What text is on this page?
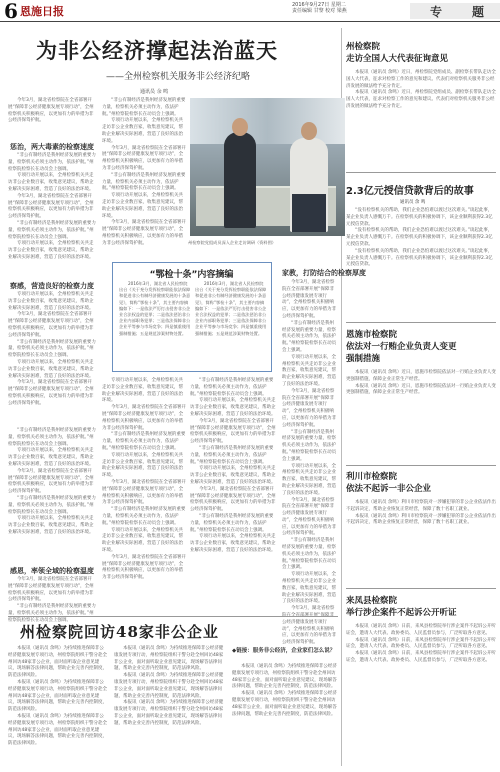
6 恩施日报	2016年9月27日 星期二
责任编辑 甘黎 校对 梁燕	专 题
为非公经济撑起法治蓝天
——全州检察机关服务非公经济纪略
通讯员 余 鸣

今年3月，湖北省检察院在全省部署开展“保障非公经济健康发展专项行动”，全州检察机关积极响应，以更加有力的举措为非公经济保驾护航。

惩治，两大毒素的检察速度

“非公有制经济是我州经济发展的重要力量，检察机关必须主动作为，依法护航。”州检察院检察长在动员会上强调。

专项行动开展以来，全州检察机关共走访非公企业数百家，收集意见建议，帮助企业解决实际困难，营造了良好的法治环境。

今年3月，湖北省检察院在全省部署开展“保障非公经济健康发展专项行动”，全州检察机关积极响应，以更加有力的举措为非公经济保驾护航。

“非公有制经济是我州经济发展的重要力量，检察机关必须主动作为，依法护航。”州检察院检察长在动员会上强调。

专项行动开展以来，全州检察机关共走访非公企业数百家，收集意见建议，帮助企业解决实际困难，营造了良好的法治环境。

察感，营造良好的检察力度

专项行动开展以来，全州检察机关共走访非公企业数百家，收集意见建议，帮助企业解决实际困难，营造了良好的法治环境。

今年3月，湖北省检察院在全省部署开展“保障非公经济健康发展专项行动”，全州检察机关积极响应，以更加有力的举措为非公经济保驾护航。

“非公有制经济是我州经济发展的重要力量，检察机关必须主动作为，依法护航。”州检察院检察长在动员会上强调。

专项行动开展以来，全州检察机关共走访非公企业数百家，收集意见建议，帮助企业解决实际困难，营造了良好的法治环境。

今年3月，湖北省检察院在全省部署开展“保障非公经济健康发展专项行动”，全州检察机关积极响应，以更加有力的举措为非公经济保驾护航。

“非公有制经济是我州经济发展的重要力量，检察机关必须主动作为，依法护航。”州检察院检察长在动员会上强调。

专项行动开展以来，全州检察机关共走访非公企业数百家，收集意见建议，帮助企业解决实际困难，营造了良好的法治环境。

今年3月，湖北省检察院在全省部署开展“保障非公经济健康发展专项行动”，全州检察机关积极响应，以更加有力的举措为非公经济保驾护航。

“非公有制经济是我州经济发展的重要力量，检察机关必须主动作为，依法护航。”州检察院检察长在动员会上强调。

专项行动开展以来，全州检察机关共走访非公企业数百家，收集意见建议，帮助企业解决实际困难，营造了良好的法治环境。

感恩，率领全域的检察温度

今年3月，湖北省检察院在全省部署开展“保障非公经济健康发展专项行动”，全州检察机关积极响应，以更加有力的举措为非公经济保驾护航。

“非公有制经济是我州经济发展的重要力量，检察机关必须主动作为，依法护航。”州检察院检察长在动员会上强调。

“非公有制经济是我州经济发展的重要力量，检察机关必须主动作为，依法护航。”州检察院检察长在动员会上强调。

专项行动开展以来，全州检察机关共走访非公企业数百家，收集意见建议，帮助企业解决实际困难，营造了良好的法治环境。

今年3月，湖北省检察院在全省部署开展“保障非公经济健康发展专项行动”，全州检察机关积极响应，以更加有力的举措为非公经济保驾护航。

“非公有制经济是我州经济发展的重要力量，检察机关必须主动作为，依法护航。”州检察院检察长在动员会上强调。

专项行动开展以来，全州检察机关共走访非公企业数百家，收集意见建议，帮助企业解决实际困难，营造了良好的法治环境。

今年3月，湖北省检察院在全省部署开展“保障非公经济健康发展专项行动”，全州检察机关积极响应，以更加有力的举措为非公经济保驾护航。	州检察院党组成员深入企业走访调研（资料图）
“鄂检十条”内容摘编

2016年3月，湖北省人民检察院出台《关于充分发挥检察职能依法保障和促进非公有制经济健康发展的十条意见》，简称“鄂检十条”，其主要内容摘编如下：一是依法严厉打击侵害非公企业合法权益的犯罪；二是依法惩治非公企业内部职务犯罪；三是依法保障非公企业平等参与市场竞争；四是慎重使用强制措施；五是规范涉案财物处置。

2016年3月，湖北省人民检察院出台《关于充分发挥检察职能依法保障和促进非公有制经济健康发展的十条意见》，简称“鄂检十条”，其主要内容摘编如下：一是依法严厉打击侵害非公企业合法权益的犯罪；二是依法惩治非公企业内部职务犯罪；三是依法保障非公企业平等参与市场竞争；四是慎重使用强制措施；五是规范涉案财物处置。

专项行动开展以来，全州检察机关共走访非公企业数百家，收集意见建议，帮助企业解决实际困难，营造了良好的法治环境。

今年3月，湖北省检察院在全省部署开展“保障非公经济健康发展专项行动”，全州检察机关积极响应，以更加有力的举措为非公经济保驾护航。

“非公有制经济是我州经济发展的重要力量，检察机关必须主动作为，依法护航。”州检察院检察长在动员会上强调。

专项行动开展以来，全州检察机关共走访非公企业数百家，收集意见建议，帮助企业解决实际困难，营造了良好的法治环境。

今年3月，湖北省检察院在全省部署开展“保障非公经济健康发展专项行动”，全州检察机关积极响应，以更加有力的举措为非公经济保驾护航。

“非公有制经济是我州经济发展的重要力量，检察机关必须主动作为，依法护航。”州检察院检察长在动员会上强调。

专项行动开展以来，全州检察机关共走访非公企业数百家，收集意见建议，帮助企业解决实际困难，营造了良好的法治环境。

今年3月，湖北省检察院在全省部署开展“保障非公经济健康发展专项行动”，全州检察机关积极响应，以更加有力的举措为非公经济保驾护航。

“非公有制经济是我州经济发展的重要力量，检察机关必须主动作为，依法护航。”州检察院检察长在动员会上强调。

专项行动开展以来，全州检察机关共走访非公企业数百家，收集意见建议，帮助企业解决实际困难，营造了良好的法治环境。

今年3月，湖北省检察院在全省部署开展“保障非公经济健康发展专项行动”，全州检察机关积极响应，以更加有力的举措为非公经济保驾护航。

“非公有制经济是我州经济发展的重要力量，检察机关必须主动作为，依法护航。”州检察院检察长在动员会上强调。

专项行动开展以来，全州检察机关共走访非公企业数百家，收集意见建议，帮助企业解决实际困难，营造了良好的法治环境。

今年3月，湖北省检察院在全省部署开展“保障非公经济健康发展专项行动”，全州检察机关积极响应，以更加有力的举措为非公经济保驾护航。

“非公有制经济是我州经济发展的重要力量，检察机关必须主动作为，依法护航。”州检察院检察长在动员会上强调。

专项行动开展以来，全州检察机关共走访非公企业数百家，收集意见建议，帮助企业解决实际困难，营造了良好的法治环境。

家教，打防结合的检察厚度

今年3月，湖北省检察院在全省部署开展“保障非公经济健康发展专项行动”，全州检察机关积极响应，以更加有力的举措为非公经济保驾护航。

“非公有制经济是我州经济发展的重要力量，检察机关必须主动作为，依法护航。”州检察院检察长在动员会上强调。

专项行动开展以来，全州检察机关共走访非公企业数百家，收集意见建议，帮助企业解决实际困难，营造了良好的法治环境。

今年3月，湖北省检察院在全省部署开展“保障非公经济健康发展专项行动”，全州检察机关积极响应，以更加有力的举措为非公经济保驾护航。

“非公有制经济是我州经济发展的重要力量，检察机关必须主动作为，依法护航。”州检察院检察长在动员会上强调。

专项行动开展以来，全州检察机关共走访非公企业数百家，收集意见建议，帮助企业解决实际困难，营造了良好的法治环境。

今年3月，湖北省检察院在全省部署开展“保障非公经济健康发展专项行动”，全州检察机关积极响应，以更加有力的举措为非公经济保驾护航。

“非公有制经济是我州经济发展的重要力量，检察机关必须主动作为，依法护航。”州检察院检察长在动员会上强调。

专项行动开展以来，全州检察机关共走访非公企业数百家，收集意见建议，帮助企业解决实际困难，营造了良好的法治环境。

今年3月，湖北省检察 公经济健康发展专项行动”，全州检察机关积极响应，以更加有力的举措为非公经济保驾护航。

州检察院回访48家非公企业

本报讯（通讯员 余鸣）为持续推进保障非公经济健康发展专项行动，州检察院组织干警分赴全州回访48家非公企业，面对面听取企业意见建议，现场解答法律问题，帮助企业完善内控制度，防范法律风险。

本报讯（通讯员 余鸣）为持续推进保障非公经济健康发展专项行动，州检察院组织干警分赴全州回访48家非公企业，面对面听取企业意见建议，现场解答法律问题，帮助企业完善内控制度，防范法律风险。

本报讯（通讯员 余鸣）为持续推进保障非公经济健康发展专项行动，州检察院组织干警分赴全州回访48家非公企业，面对面听取企业意见建议，现场解答法律问题，帮助企业完善内控制度，防范法律风险。

本报讯（通讯员 余鸣）为持续推进保障非公经济健康发展专项行动，州检察院组织干警分赴全州回访48家非公企业，面对面听取企业意见建议，现场解答法律问题，帮助企业完善内控制度，防范法律风险。

本报讯（通讯员 余鸣）为持续推进保障非公经济健康发展专项行动，州检察院组织干警分赴全州回访48家非公企业，面对面听取企业意见建议，现场解答法律问题，帮助企业完善内控制度，防范法律风险。

本报讯（通讯员 余鸣）为持续推进保障非公经济健康发展专项行动，州检察院组织干警分赴全州回访48家非公企业，面对面听取企业意见建议，现场解答法律问题，帮助企业完善内控制度，防范法律风险。

◆链接：服务非公经济，企业家们怎么说？

本报讯（通讯员 余鸣）为持续推进保障非公经济健康发展专项行动，州检察院组织干警分赴全州回访48家非公企业，面对面听取企业意见建议，现场解答法律问题，帮助企业完善内控制度，防范法律风险。

本报讯（通讯员 余鸣）为持续推进保障非公经济健康发展专项行动，州检察院组织干警分赴全州回访48家非公企业，面对面听取企业意见建议，现场解答法律问题，帮助企业完善内控制度，防范法律风险。

州检察院
走访全国人大代表征询意见

本报讯（通讯员 余鸣）近日，州检察院党组成员、副检察长带队走访全国人大代表，征求对检察工作的意见和建议。代表们对检察机关服务非公经济发展的做法给予充分肯定。

本报讯（通讯员 余鸣）近日，州检察院党组成员、副检察长带队走访全国人大代表，征求对检察工作的意见和建议。代表们对检察机关服务非公经济发展的做法给予充分肯定。

2.3亿元授信贷款背后的故事
通讯员 余 鸣

“没有检察机关的帮助，我们企业恐怕难以渡过这次难关。”谈起此事，某企业负责人感慨万千。在检察机关的积极协调下，该企业顺利获得2.3亿元授信贷款。

“没有检察机关的帮助，我们企业恐怕难以渡过这次难关。”谈起此事，某企业负责人感慨万千。在检察机关的积极协调下，该企业顺利获得2.3亿元授信贷款。

“没有检察机关的帮助，我们企业恐怕难以渡过这次难关。”谈起此事，某企业负责人感慨万千。在检察机关的积极协调下，该企业顺利获得2.3亿元授信贷款。

恩施市检察院
依法对一行贿企业负责人变更
强制措施

本报讯（通讯员 余鸣）近日，恩施市检察院依法对一行贿企业负责人变更强制措施，保障企业正常生产经营。

本报讯（通讯员 余鸣）近日，恩施市检察院依法对一行贿企业负责人变更强制措施，保障企业正常生产经营。

利川市检察院
依法不起诉一非公企业

本报讯（通讯员 余鸣）利川市检察院对一涉嫌犯罪的非公企业依法作出不起诉决定，帮助企业恢复正常经营，保障了数十名职工就业。

本报讯（通讯员 余鸣）利川市检察院对一涉嫌犯罪的非公企业依法作出不起诉决定，帮助企业恢复正常经营，保障了数十名职工就业。

来凤县检察院
举行涉企案件不起诉公开听证

本报讯（通讯员 余鸣）日前，来凤县检察院举行涉企案件不起诉公开听证会，邀请人大代表、政协委员、人民监督员参与，广泛听取各方意见。

本报讯（通讯员 余鸣）日前，来凤县检察院举行涉企案件不起诉公开听证会，邀请人大代表、政协委员、人民监督员参与，广泛听取各方意见。

本报讯（通讯员 余鸣）日前，来凤县检察院举行涉企案件不起诉公开听证会，邀请人大代表、政协委员、人民监督员参与，广泛听取各方意见。
